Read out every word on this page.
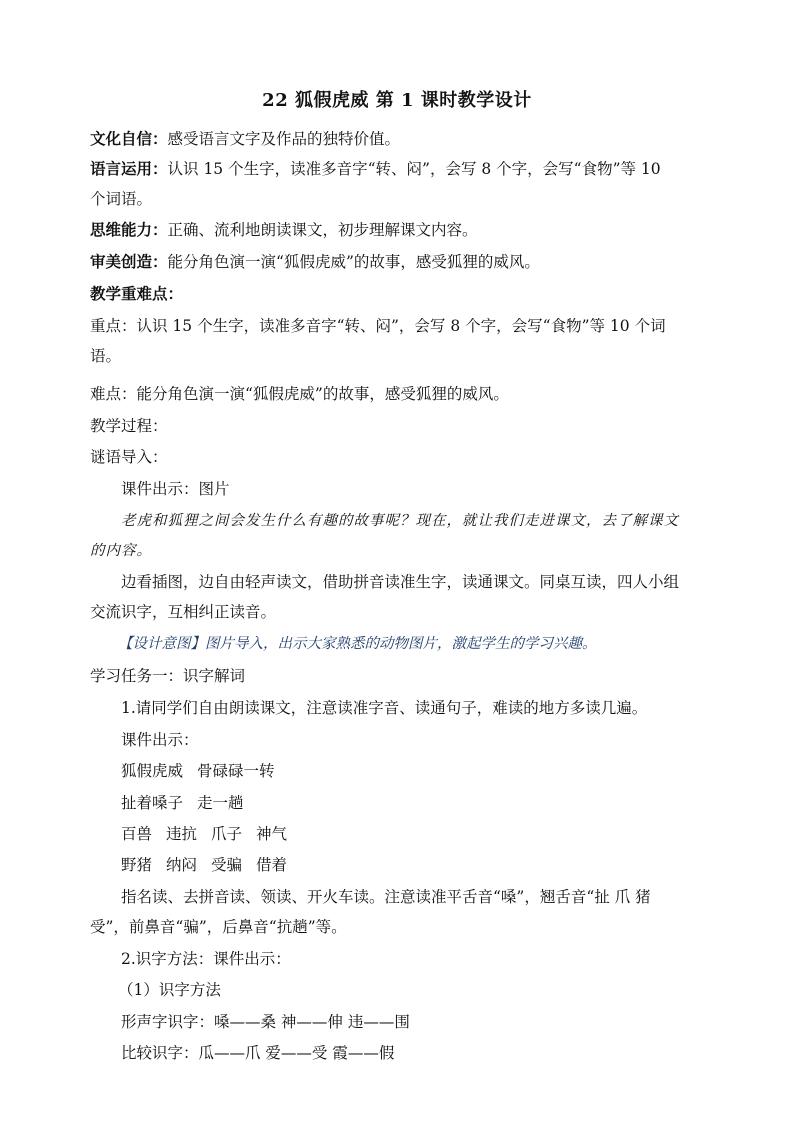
22 狐假虎威 第 1 课时教学设计
文化自信：感受语言文字及作品的独特价值。
语言运用：认识 15 个生字，读准多音字“转、闷”，会写 8 个字，会写“食物”等 10
个词语。
思维能力：正确、流利地朗读课文，初步理解课文内容。
审美创造：能分角色演一演“狐假虎威”的故事，感受狐狸的威风。
教学重难点：
重点：认识 15 个生字，读准多音字“转、闷”，会写 8 个字，会写“食物”等 10 个词
语。
难点：能分角色演一演“狐假虎威”的故事，感受狐狸的威风。
教学过程：
谜语导入：
课件出示：图片
老虎和狐狸之间会发生什么有趣的故事呢？现在，就让我们走进课文，去了解课文
的内容。
边看插图，边自由轻声读文，借助拼音读准生字，读通课文。同桌互读，四人小组
交流识字，互相纠正读音。
【设计意图】图片导入，出示大家熟悉的动物图片，激起学生的学习兴趣。
学习任务一：识字解词
1.请同学们自由朗读课文，注意读准字音、读通句子，难读的地方多读几遍。
课件出示：
狐假虎威 骨碌碌一转
扯着嗓子 走一趟
百兽 违抗 爪子 神气
野猪 纳闷 受骗 借着
指名读、去拼音读、领读、开火车读。注意读准平舌音“嗓”，翘舌音“扯 爪 猪
受”，前鼻音“骗”，后鼻音“抗趟”等。
2.识字方法：课件出示：
（1）识字方法
形声字识字：嗓——桑 神——伸 违——围
比较识字：瓜——爪 爱——受 霞——假
